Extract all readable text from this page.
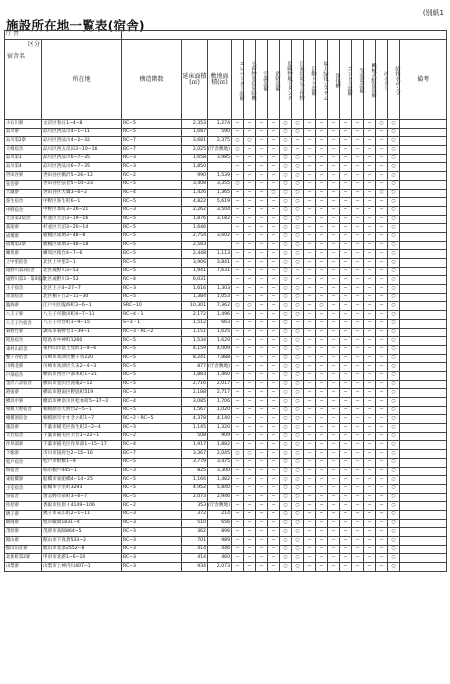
施設所在地一覧表(宿舎)
(別紙1
庁 舎																			

区分
宿舎名	所在地	構造階数	延床面積(㎡)	敷地面積(㎡)	エレベーター設備	小荷物専用昇降機	空調設備	消防設備	危険物地下タンク	自家用電気工作物	自動ドア設備	屋上緑化システム	浄化槽	ゴンドラ設備	受変電設備	機械式駐車設備	ボイラー	給排水ポンプ	備考
小石川寮	文京区春日1−4−8	RC−5	2,353	1,274	−	−	−	−	○	○	−	−	−	−	−	−	○	○	
品川寮	品川区西品川4−1−11	RC−5	1,687	590	−	−	−	−	○	○	−	−	−	−	−	−	−	○	
品川第2寮	品川区西品川4−2−32	RC−7	3,681	2,375	○	○	−	−	○	−	−	−	−	−	−	−	−	○	
大崎宿舎	品川区西五反田3−10−16	RC−7	2,025	(庁舎敷地)	○	−	−	−	○	−	−	−	−	−	−	−	−	○	
品川第3	品川区西品川6−7−35	RC−3	1,658	3,985	−	−	−	−	○	○	−	−	−	−	−	−	−	○	
品川第4	品川区西品川6−7−35	RC−3	1,850		−	−	−	−	○	○	−	−	−	−	−	−	−	○	
世田谷寮	世田谷区駒沢5−26−12	RC−2	990	1,539	−	−	−	−	○	○	−	−	−	−	−	−	−	○	
弦巻寮	世田谷区弦巻5−10−23	RC−5	3,408	3,355	○	−	−	−	○	○	−	−	−	−	−	−	−	○	
大蔵寮	世田谷区大蔵3−6−2	RC−4	1,426	1,365	−	−	−	○	○	○	−	−	−	−	−	−	○	○	
弥生宿舎	中野区弥生町6−1	RC−5	4,822	5,619	−	−	−	−	○	○	−	−	−	−	−	−	−	○	
中野宿舎	中野区本町3−26−21	RC−3	2,262	3,504	−	−	−	−	○	○	−	−	−	−	−	−	−	○	
天沼第2宿舎	杉並区天沼3−19−16	RC−5	1,876	3,182	−	−	−	−	○	○	−	−	−	−	−	−	−	○	
荻窪寮	杉並区天沼3−20−14	RC−5	1,646		−	−	−	−	○	○	−	−	−	−	−	−	−	○	
成増寮	板橋区成増3−48−8	RC−5	2,754	3,602	−	−	−	−	○	○	−	−	−	−	−	−	−	○	
成増第2寮	板橋区成増3−48−18	RC−5	2,583		−	−	−	−	○	○	−	−	−	−	−	−	−	○	
練馬寮	練馬区桜台4−7−6	RC−5	2,448	1,113	−	−	−	−	○	○	−	−	−	−	−	−	−	○	
上中里宿舎	北区上中里2−1	RC−5	3,906	3,841	−	−	−	−	○	○	−	−	−	−	−	−	−	○	
滝野川第2宿舎	北区滝野川3−53	RC−5	1,941	7,631	−	−	−	−	○	−	−	−	−	−	−	−	−	○	
滝野川第3・第4宿舎	北区滝野川3−53	RC−4	6,031		−	−	−	−	○	−	−	−	−	−	−	−	−	○	
王子宿舎	北区王子4−27−7	RC−3	1,616	1,303	−	−	−	−	○	○	−	−	−	−	−	−	−	○	
赤羽宿舎	北区桐ヶ丘2−11−30	RC−5	1,384	1,053	−	−	−	−	○	○	−	−	−	−	−	−	−	○	
臨海寮	江戸川区臨海町3−6−1	SRC−10	10,301	7,362	○	○	−	−	○	○	−	○	−	−	−	−	−	○	
八王子寮	八王子市散田町4−7−11	RC−4・1	2,172	1,496	−	−	−	−	○	○	−	−	−	−	−	−	−	○	
八王子台宿舎	八王子市台町1−9−15	S−3・1	1,512	663	−	−	−	−	○	−	−	−	−	−	−	−	−	○	
菊野台寮	調布市菊野台1−39−1	RC−3・RC−2	1,151	1,625	−	−	−	−	○	○	−	−	−	−	−	−	−	○	
昭島宿舎	昭島市中神町1260	RC−5	1,534	1,620	−	−	−	−	○	○	−	−	−	−	−	−	−	○	
東村山宿舎	東村山市富士見町1−9−6	RC−5	4,159	4,009	−	−	−	−	○	○	−	−	−	−	−	−	−	○	
蟹ヶ谷宿舎	川崎市高津区蟹ヶ谷220	RC−5	8,241	7,888	−	−	−	−	○	○	−	−	−	−	−	−	−	○	
川崎北寮	川崎市高津区久末2−4−3	RC−5	877	(庁舎敷地)	−	−	−	−	○	○	−	−	−	−	−	−	−	○	
戸部宿舎	横浜市西区戸部本町1−21	RC−5	1,883	1,460	−	−	−	−	○	○	−	−	−	−	−	−	−	○	
金沢八景宿舎	横浜市金沢区泥亀2−12	RC−5	2,716	2,017	−	−	−	−	○	○	−	−	−	−	−	−	−	○	
港南寮	横浜市港南区野庭町519	RC−3	2,188	2,717	−	−	−	−	○	○	−	−	−	−	−	−	−	○	
横浜中寮	横浜市神奈川区松本町5−37−2	RC−4	3,085	1,706	−	−	−	−	○	○	−	−	−	−	−	−	−	○	
相模大野宿舎	相模原市大野台2−5−1	RC−5	1,567	1,020	−	−	−	−	○	○	−	−	−	−	−	−	−	○	
相模原宿舎	相模原市すすきの町1−7	RC−2・RC−5	4,378	4,140	−	−	−	−	○	○	−	−	−	−	−	−	−	○	
施設寮	千葉市稲毛区弥生町2−2−4	RC−3	1,145	1,320	−	−	−	−	○	○	−	−	−	−	−	−	−	○	
天台宿舎	千葉市稲毛区天台1−22−1	RC−2	508	909	−	−	−	−	○	○	−	−	−	−	−	−	−	○	
作草部寮	千葉市稲毛区作草部1−15−17	RC−4	1,917	1,882	−	−	−	−	○	○	−	−	−	−	−	−	−	○	
下総寮	市川市国府台2−15−16	RC−7	3,367	2,045	○	○	−	−	○	○	−	−	−	−	−	−	−	○	
松戸宿舎	松戸市紙敷1−9	RC−5	3,779	3,475	−	−	−	−	○	○	−	−	−	−	−	−	−	○	
柏宿舎	柏市根戸445−1	RC−3	825	3,300	−	−	−	−	○	○	−	−	−	−	−	−	−	○	
東船橋寮	船橋市東船橋4−14−25	RC−5	1,166	1,482	−	−	−	−	○	○	−	−	−	−	−	−	−	○	
小室宿舎	船橋市小室町3293	RC−5	4,952	5,840	−	−	−	−	○	○	−	−	−	−	−	−	−	○	
泉宿舎	習志野市泉町3−6−7	RC−5	2,073	2,946	−	−	−	−	○	○	−	−	−	−	−	−	−	○	
佐原寮	香取市佐原イ4149−106	RC−2	353	(庁舎敷地)	−	−	−	−	○	○	−	−	−	−	−	−	−	○	
銚子寮	銚子市末広町2−1−11	RC−3	372	214	−	−	−	−	○	○	−	−	−	−	−	−	−	○	
飯岡寮	旭市飯岡1831−4	RC−3	510	656	−	−	−	−	○	○	−	−	−	−	−	−	−	○	
茂原寮	茂原市高師864−5	RC−3	362	896	−	−	−	−	○	○	−	−	−	−	−	−	−	○	
館山寮	館山市下真倉533−2	RC−3	701	989	−	−	−	−	○	○	−	−	−	−	−	−	−	○	
館山山荘寮	館山市北条2552−8	RC−3	414	446	−	−	−	−	○	○	−	−	−	−	−	−	−	○	
北新町第2寮	甲府市北新1−6−10	RC−3	414	460	−	−	−	−	○	○	−	−	−	−	−	−	−	○	
山梨寮	山梨市上神内川407−1	RC−3	934	2,073	−	−	−	−	○	○	−	−	−	−	−	−	−	○	
